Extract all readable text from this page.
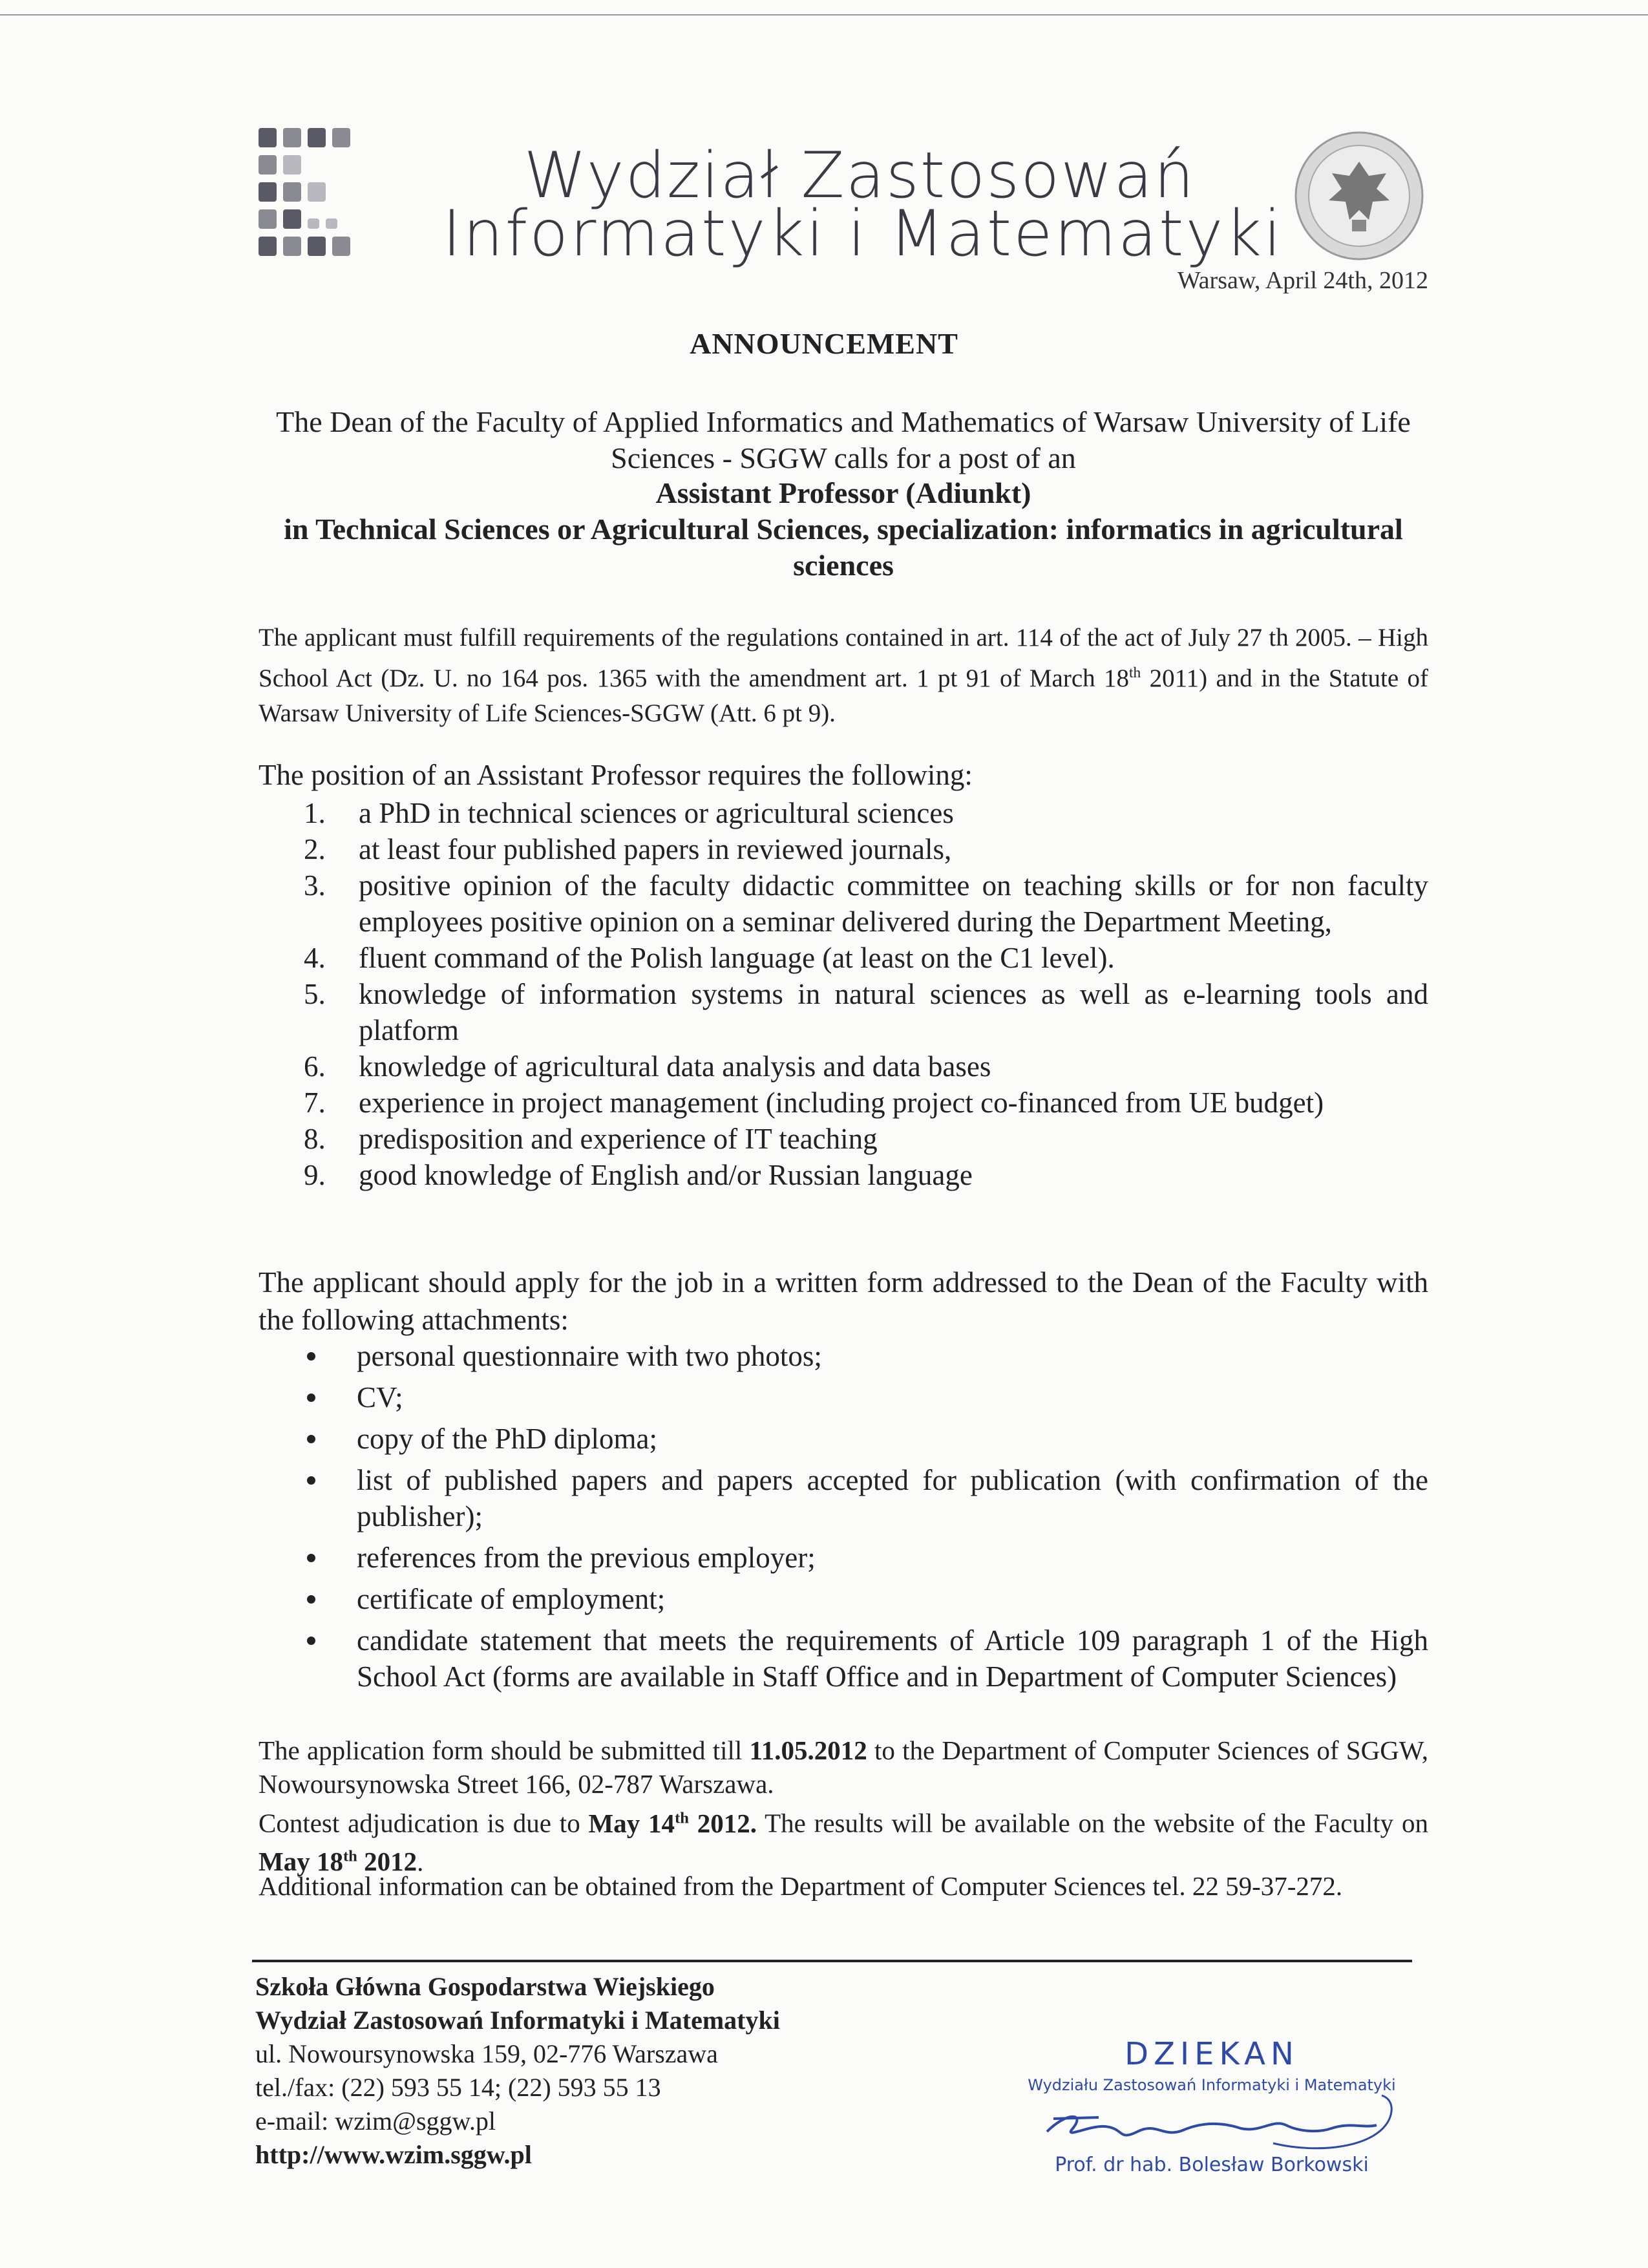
Wydział Zastosowań
Informatyki i Matematyki
Warsaw, April 24th, 2012
ANNOUNCEMENT
The Dean of the Faculty of Applied Informatics and Mathematics of Warsaw University of Life Sciences - SGGW calls for a post of an
Assistant Professor (Adiunkt)
in Technical Sciences or Agricultural Sciences, specialization: informatics in agricultural sciences
The applicant must fulfill requirements of the regulations contained in art. 114 of the act of July 27 th 2005. – High School Act (Dz. U. no 164 pos. 1365 with the amendment art. 1 pt 91 of March 18th 2011) and in the Statute of Warsaw University of Life Sciences-SGGW (Att. 6 pt 9).
The position of an Assistant Professor requires the following:
1.	a PhD in technical sciences or agricultural sciences
2.	at least four published papers in reviewed journals,
3.	positive opinion of the faculty didactic committee on teaching skills or for non faculty employees positive opinion on a seminar delivered during the Department Meeting,
4.	fluent command of the Polish language (at least on the C1 level).
5.	knowledge of information systems in natural sciences as well as e-learning tools and platform
6.	knowledge of agricultural data analysis and data bases
7.	experience in project management (including project co-financed from UE budget)
8.	predisposition and experience of IT teaching
9.	good knowledge of English and/or Russian language
The applicant should apply for the job in a written form addressed to the Dean of the Faculty with the following attachments:
personal questionnaire with two photos;
CV;
copy of the PhD diploma;
list of published papers and papers accepted for publication (with confirmation of the publisher);
references from the previous employer;
certificate of employment;
candidate statement that meets the requirements of Article 109 paragraph 1 of the High School Act (forms are available in Staff Office and in Department of Computer Sciences)
The application form should be submitted till 11.05.2012 to the Department of Computer Sciences of SGGW, Nowoursynowska Street 166, 02-787 Warszawa.
Contest adjudication is due to May 14th 2012. The results will be available on the website of the Faculty on May 18th 2012.
Additional information can be obtained from the Department of Computer Sciences tel. 22 59-37-272.
Szkoła Główna Gospodarstwa Wiejskiego
Wydział Zastosowań Informatyki i Matematyki
ul. Nowoursynowska 159, 02-776 Warszawa
tel./fax: (22) 593 55 14; (22) 593 55 13
e-mail: wzim@sggw.pl
http://www.wzim.sggw.pl
DZIEKAN
Wydziału Zastosowań Informatyki i Matematyki
Prof. dr hab. Bolesław Borkowski
